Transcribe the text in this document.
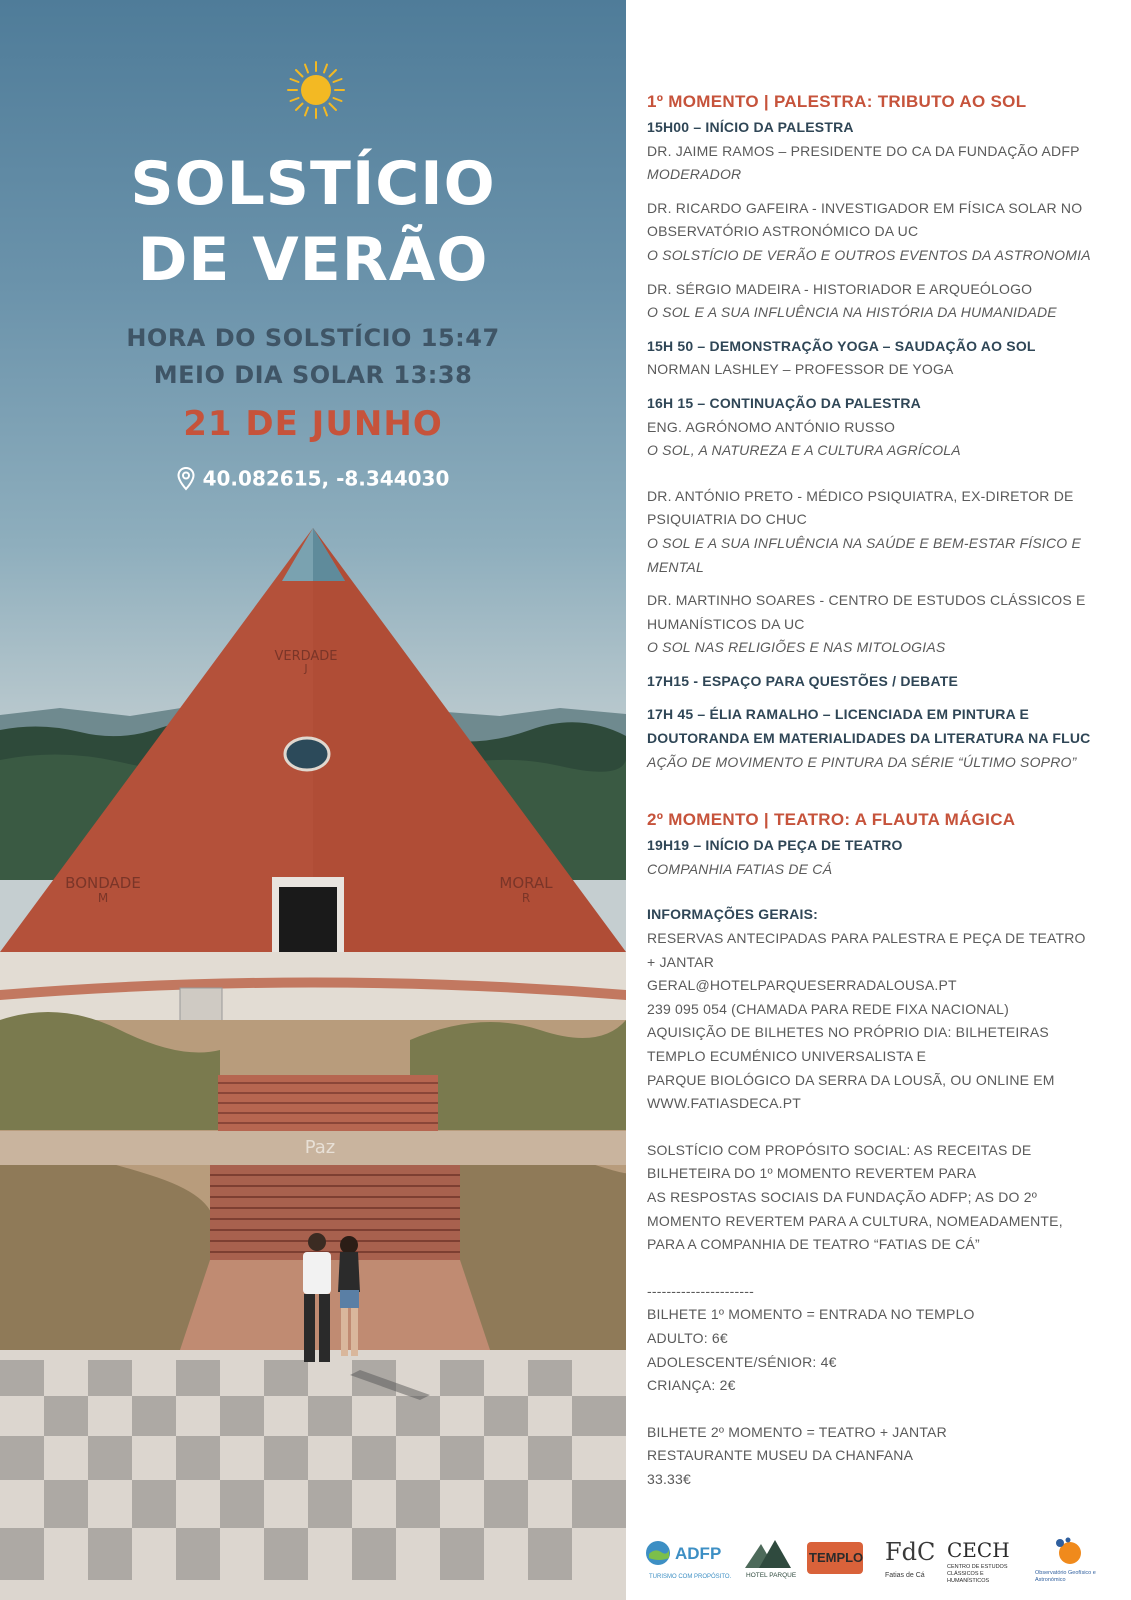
VERDADE
J
BONDADE
M
MORAL
R
Paz
SOLSTÍCIO
DE VERÃO
HORA DO SOLSTÍCIO 15:47
MEIO DIA SOLAR 13:38
21 DE JUNHO
40.082615, -8.344030
1º MOMENTO | PALESTRA: TRIBUTO AO SOL
15H00 – INÍCIO DA PALESTRA
DR. JAIME RAMOS – PRESIDENTE DO CA DA FUNDAÇÃO ADFP
MODERADOR
DR. RICARDO GAFEIRA - INVESTIGADOR EM FÍSICA SOLAR NO
OBSERVATÓRIO ASTRONÓMICO DA UC
O SOLSTÍCIO DE VERÃO E OUTROS EVENTOS DA ASTRONOMIA
DR. SÉRGIO MADEIRA - HISTORIADOR E ARQUEÓLOGO
O SOL E A SUA INFLUÊNCIA NA HISTÓRIA DA HUMANIDADE
15H 50 – DEMONSTRAÇÃO YOGA – SAUDAÇÃO AO SOL
NORMAN LASHLEY – PROFESSOR DE YOGA
16H 15 – CONTINUAÇÃO DA PALESTRA
ENG. AGRÓNOMO ANTÓNIO RUSSO
O SOL, A NATUREZA E A CULTURA AGRÍCOLA
DR. ANTÓNIO PRETO - MÉDICO PSIQUIATRA, EX-DIRETOR DE
PSIQUIATRIA DO CHUC
O SOL E A SUA INFLUÊNCIA NA SAÚDE E BEM-ESTAR FÍSICO E
MENTAL
DR. MARTINHO SOARES - CENTRO DE ESTUDOS CLÁSSICOS E
HUMANÍSTICOS DA UC
O SOL NAS RELIGIÕES E NAS MITOLOGIAS
17H15 - ESPAÇO PARA QUESTÕES / DEBATE
17H 45 – ÉLIA RAMALHO – LICENCIADA EM PINTURA E
DOUTORANDA EM MATERIALIDADES DA LITERATURA NA FLUC
AÇÃO DE MOVIMENTO E PINTURA DA SÉRIE “ÚLTIMO SOPRO”
2º MOMENTO | TEATRO: A FLAUTA MÁGICA
19H19 – INÍCIO DA PEÇA DE TEATRO
COMPANHIA FATIAS DE CÁ
INFORMAÇÕES GERAIS:
RESERVAS ANTECIPADAS PARA PALESTRA E PEÇA DE TEATRO
+ JANTAR
GERAL@HOTELPARQUESERRADALOUSA.PT
239 095 054 (CHAMADA PARA REDE FIXA NACIONAL)
AQUISIÇÃO DE BILHETES NO PRÓPRIO DIA: BILHETEIRAS
TEMPLO ECUMÉNICO UNIVERSALISTA E
PARQUE BIOLÓGICO DA SERRA DA LOUSÃ, OU ONLINE EM
WWW.FATIASDECA.PT
SOLSTÍCIO COM PROPÓSITO SOCIAL: AS RECEITAS DE
BILHETEIRA DO 1º MOMENTO REVERTEM PARA
AS RESPOSTAS SOCIAIS DA FUNDAÇÃO ADFP; AS DO 2º
MOMENTO REVERTEM PARA A CULTURA, NOMEADAMENTE,
PARA A COMPANHIA DE TEATRO “FATIAS DE CÁ”
----------------------
BILHETE 1º MOMENTO = ENTRADA NO TEMPLO
ADULTO: 6€
ADOLESCENTE/SÉNIOR: 4€
CRIANÇA: 2€
BILHETE 2º MOMENTO = TEATRO + JANTAR
RESTAURANTE MUSEU DA CHANFANA
33.33€
ADFP
TURISMO COM PROPÓSITO. HOTEL PARQUE
TEMPLO FdC
Fatias de Cá
CECH
CENTRO DE ESTUDOS CLÁSSICOS E HUMANÍSTICOS
Observatório Geofísico e Astronómico
